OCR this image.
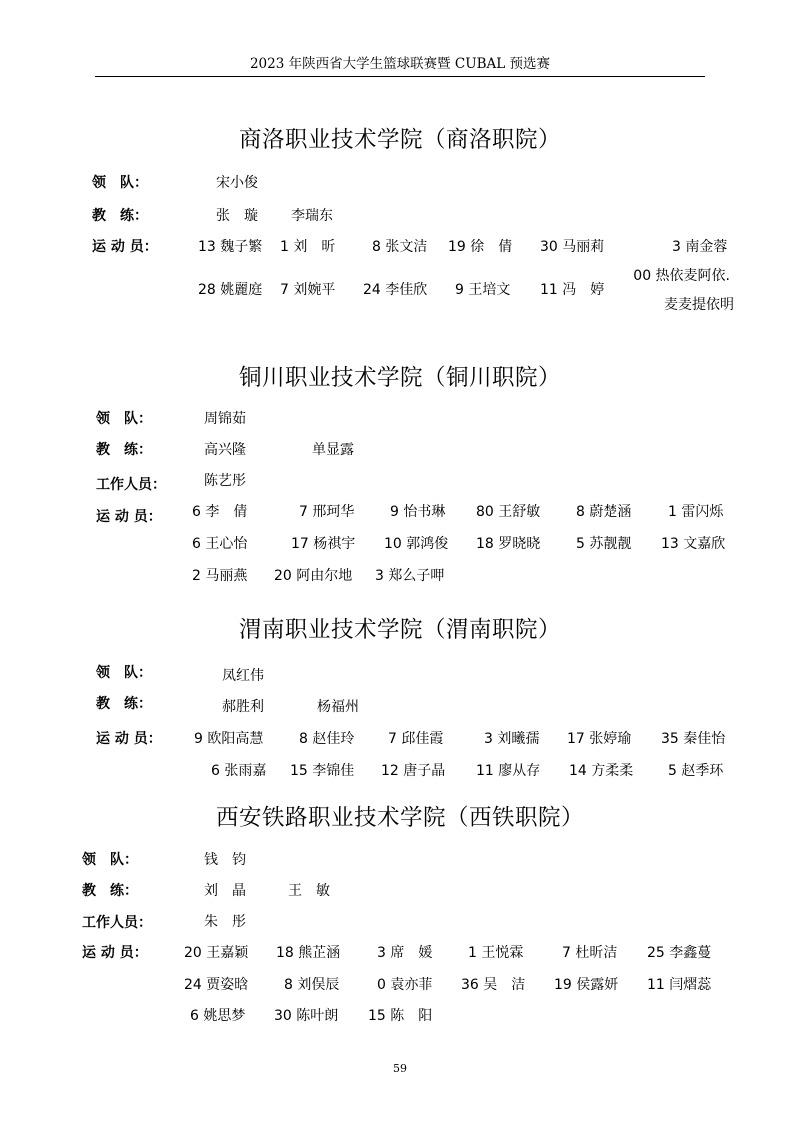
2023 年陕西省大学生篮球联赛暨 CUBAL 预选赛
商洛职业技术学院（商洛职院）
领　队：	宋小俊
教　练：	张　璇 李瑞东
运 动 员：	13 魏子繁 1 刘　昕	8 张文洁 19 徐　倩 30 马丽莉	3 南金蓉
28 姚麗庭 7 刘婉平 24 李佳欣 9 王培文 11 冯　婷
00 热依麦阿依.
麦麦提依明
铜川职业技术学院（铜川职院）
领　队：	周锦茹
教　练：	高兴隆	单显露
工作人员：	陈艺彤
运 动 员： 6 李　倩	7 邢珂华	9 怡书琳 80 王舒敏	8 蔚楚涵	1 雷闪烁
6 王心怡	17 杨祺宇 10 郭鸿俊 18 罗晓晓	5 苏靓靓 13 文嘉欣
2 马丽燕 20 阿由尔地 3 郑么子呷
渭南职业技术学院（渭南职院）
领　队：	凤红伟
教　练：	郝胜利	杨福州
运 动 员： 9 欧阳高慧	8 赵佳玲 7 邱佳霞	3 刘曦孺 17 张婷瑜 35 秦佳怡
6 张雨嘉 15 李锦佳 12 唐子晶 11 廖从存 14 方柔柔 5 赵季环
西安铁路职业技术学院（西铁职院）
领　队：	钱　钧
教　练：	刘　晶	王　敏
工作人员：	朱　彤
运 动 员：	20 王嘉颖 18 熊芷涵	3 席　媛	1 王悦霖	7 杜昕洁 25 李鑫蔓
24 贾姿晗	8 刘俣辰	0 袁亦菲 36 吴　洁 19 侯露妍 11 闫熠蕊
6 姚思梦 30 陈叶朗 15 陈　阳
59
